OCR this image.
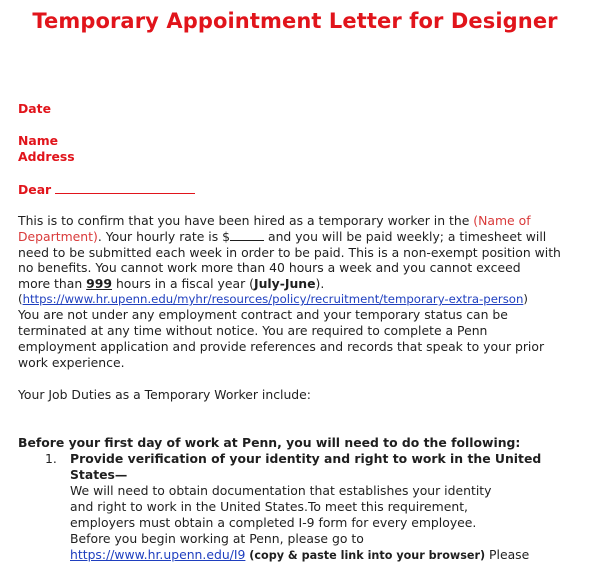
Temporary Appointment Letter for Designer
Date
Name
Address
Dear
This is to confirm that you have been hired as a temporary worker in the (Name of
Department). Your hourly rate is $	and you will be paid weekly; a timesheet will
need to be submitted each week in order to be paid. This is a non-exempt position with
no benefits. You cannot work more than 40 hours a week and you cannot exceed
more than 999 hours in a fiscal year (July-June).
(https://www.hr.upenn.edu/myhr/resources/policy/recruitment/temporary-extra-person)
You are not under any employment contract and your temporary status can be
terminated at any time without notice. You are required to complete a Penn
employment application and provide references and records that speak to your prior
work experience.
Your Job Duties as a Temporary Worker include:
Before your first day of work at Penn, you will need to do the following:
1. Provide verification of your identity and right to work in the United
States—
We will need to obtain documentation that establishes your identity
and right to work in the United States.To meet this requirement,
employers must obtain a completed I-9 form for every employee.
Before you begin working at Penn, please go to
https://www.hr.upenn.edu/I9 (copy & paste link into your browser) Please
